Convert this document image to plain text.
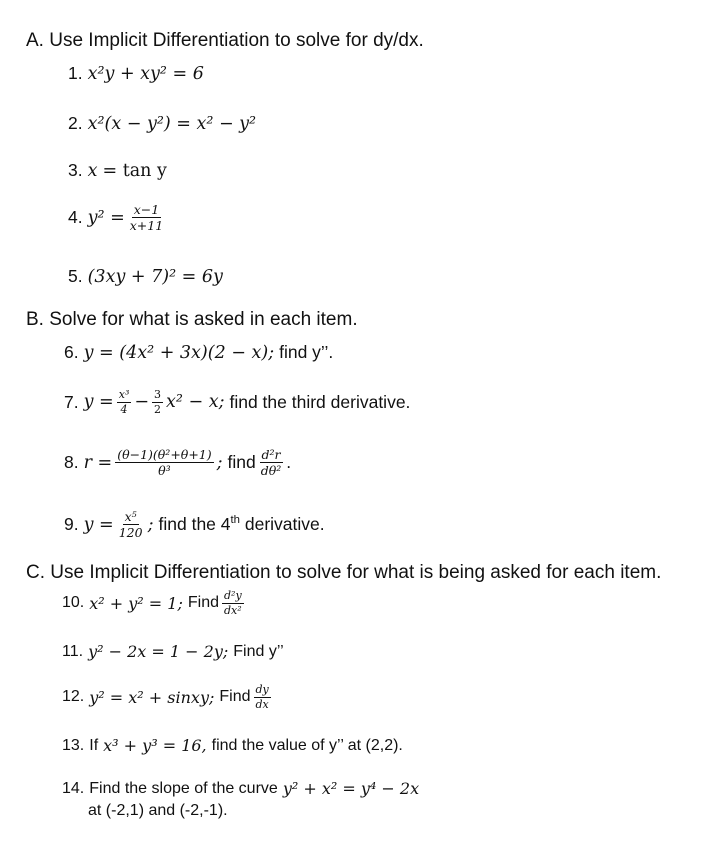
A. Use Implicit Differentiation to solve for dy/dx.
1. x²y + xy² = 6
2. x²(x − y²) = x² − y²
3. x = tan y
4. $y^2 = \frac{x-1}{x+11}$
5. (3xy + 7)² = 6y
B. Solve for what is asked in each item.
6. y = (4x² + 3x)(2 − x); find y’’.
7. $y = \frac{\text{x³}}{4} - \frac{3}{2} x^2 - x$; find the third derivative.
8. $r = \frac{\text{(θ−1)(θ²+θ+1)}}{\text{θ³}}$ ; find $\frac{\text{d²r}}{\text{dθ²}}$ .
9. $y = \frac{\text{x⁵}}{120}$ ; find the 4th derivative.
C. Use Implicit Differentiation to solve for what is being asked for each item.
10. x² + y² = 1; Find $\frac{\text{d²y}}{\text{dx²}}$
11. y² − 2x = 1 − 2y; Find y’’
12. y² = x² + sinxy; Find $\frac{dy}{dx}$
13. If x³ + y³ = 16, find the value of y’’ at (2,2).
14. Find the slope of the curve y² + x² = y⁴ − 2x
at (-2,1) and (-2,-1).
